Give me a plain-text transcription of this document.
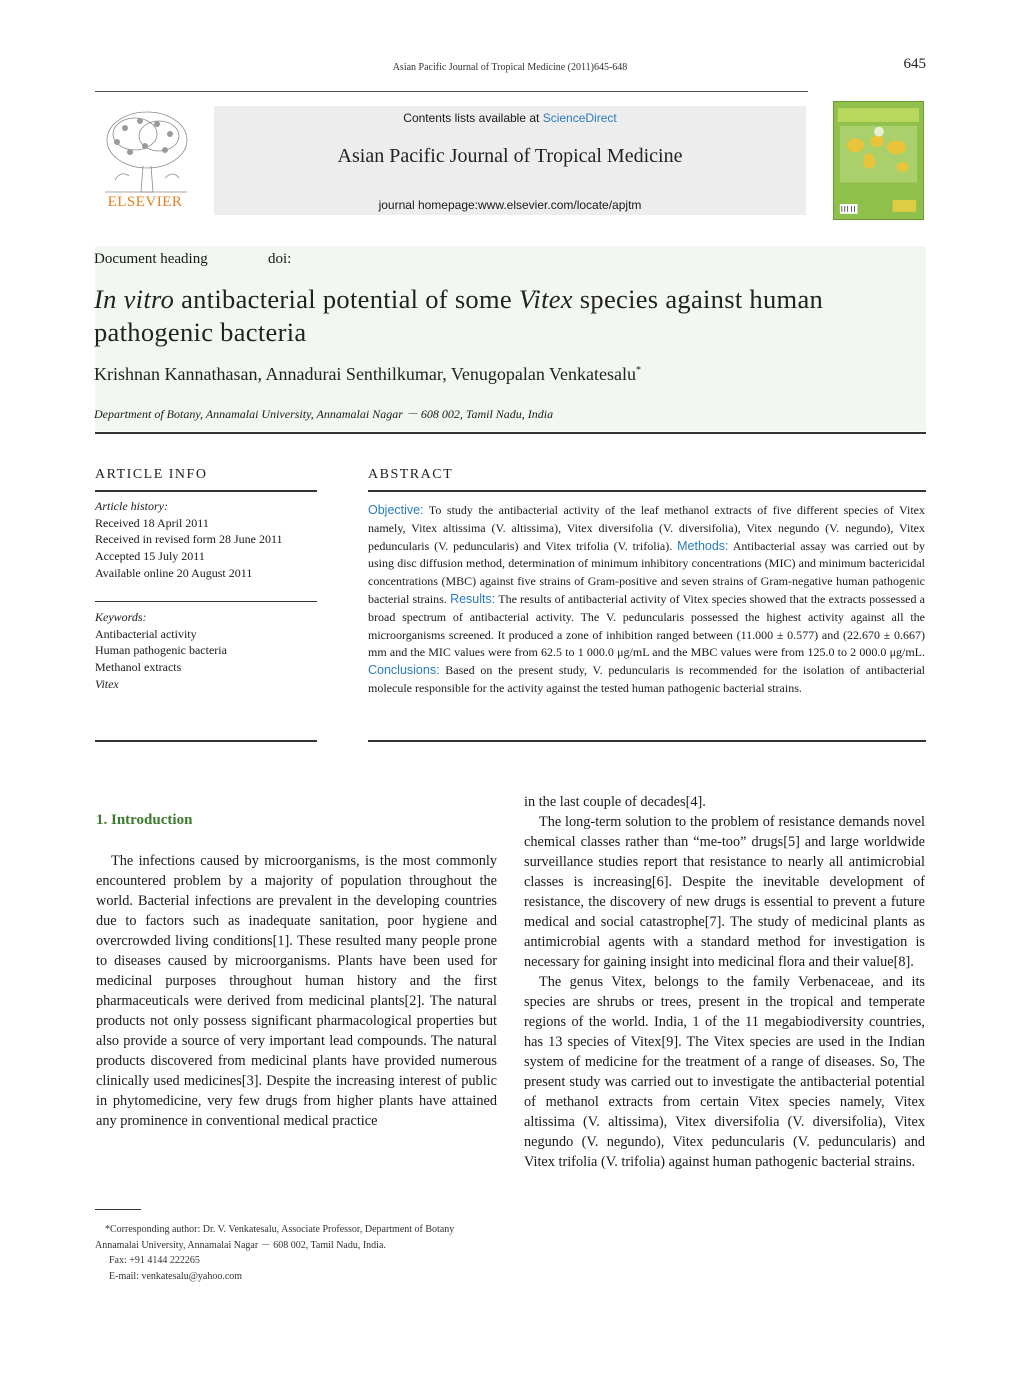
Asian Pacific Journal of Tropical Medicine (2011)645-648	645
ELSEVIER
Contents lists available at ScienceDirect
Asian Pacific Journal of Tropical Medicine
journal homepage:www.elsevier.com/locate/apjtm
Document heading	doi:
In vitro antibacterial potential of some Vitex species against human pathogenic bacteria
Krishnan Kannathasan, Annadurai Senthilkumar, Venugopalan Venkatesalu*
Department of Botany, Annamalai University, Annamalai Nagar － 608 002, Tamil Nadu, India
ARTICLE INFO
Article history:
Received 18 April 2011
Received in revised form 28 June 2011
Accepted 15 July 2011
Available online 20 August 2011
Keywords:
Antibacterial activity
Human pathogenic bacteria
Methanol extracts
Vitex
ABSTRACT
Objective: To study the antibacterial activity of the leaf methanol extracts of five different species of Vitex namely, Vitex altissima (V. altissima), Vitex diversifolia (V. diversifolia), Vitex negundo (V. negundo), Vitex peduncularis (V. peduncularis) and Vitex trifolia (V. trifolia). Methods: Antibacterial assay was carried out by using disc diffusion method, determination of minimum inhibitory concentrations (MIC) and minimum bactericidal concentrations (MBC) against five strains of Gram-positive and seven strains of Gram-negative human pathogenic bacterial strains. Results: The results of antibacterial activity of Vitex species showed that the extracts possessed a broad spectrum of antibacterial activity. The V. peduncularis possessed the highest activity against all the microorganisms screened. It produced a zone of inhibition ranged between (11.000 ± 0.577) and (22.670 ± 0.667) mm and the MIC values were from 62.5 to 1 000.0 μg/mL and the MBC values were from 125.0 to 2 000.0 μg/mL. Conclusions: Based on the present study, V. peduncularis is recommended for the isolation of antibacterial molecule responsible for the activity against the tested human pathogenic bacterial strains.
1. Introduction

The infections caused by microorganisms, is the most commonly encountered problem by a majority of population throughout the world. Bacterial infections are prevalent in the developing countries due to factors such as inadequate sanitation, poor hygiene and overcrowded living conditions[1]. These resulted many people prone to diseases caused by microorganisms. Plants have been used for medicinal purposes throughout human history and the first pharmaceuticals were derived from medicinal plants[2]. The natural products not only possess significant pharmacological properties but also provide a source of very important lead compounds. The natural products discovered from medicinal plants have provided numerous clinically used medicines[3]. Despite the increasing interest of public in phytomedicine, very few drugs from higher plants have attained any prominence in conventional medical practice

in the last couple of decades[4].

The long-term solution to the problem of resistance demands novel chemical classes rather than “me-too” drugs[5] and large worldwide surveillance studies report that resistance to nearly all antimicrobial classes is increasing[6]. Despite the inevitable development of resistance, the discovery of new drugs is essential to prevent a future medical and social catastrophe[7]. The study of medicinal plants as antimicrobial agents with a standard method for investigation is necessary for gaining insight into medicinal flora and their value[8].

The genus Vitex, belongs to the family Verbenaceae, and its species are shrubs or trees, present in the tropical and temperate regions of the world. India, 1 of the 11 megabiodiversity countries, has 13 species of Vitex[9]. The Vitex species are used in the Indian system of medicine for the treatment of a range of diseases. So, The present study was carried out to investigate the antibacterial potential of methanol extracts from certain Vitex species namely, Vitex altissima (V. altissima), Vitex diversifolia (V. diversifolia), Vitex negundo (V. negundo), Vitex peduncularis (V. peduncularis) and Vitex trifolia (V. trifolia) against human pathogenic bacterial strains.

*Corresponding author: Dr. V. Venkatesalu, Associate Professor, Department of Botany Annamalai University, Annamalai Nagar － 608 002, Tamil Nadu, India.
Fax: +91 4144 222265
E-mail: venkatesalu@yahoo.com
